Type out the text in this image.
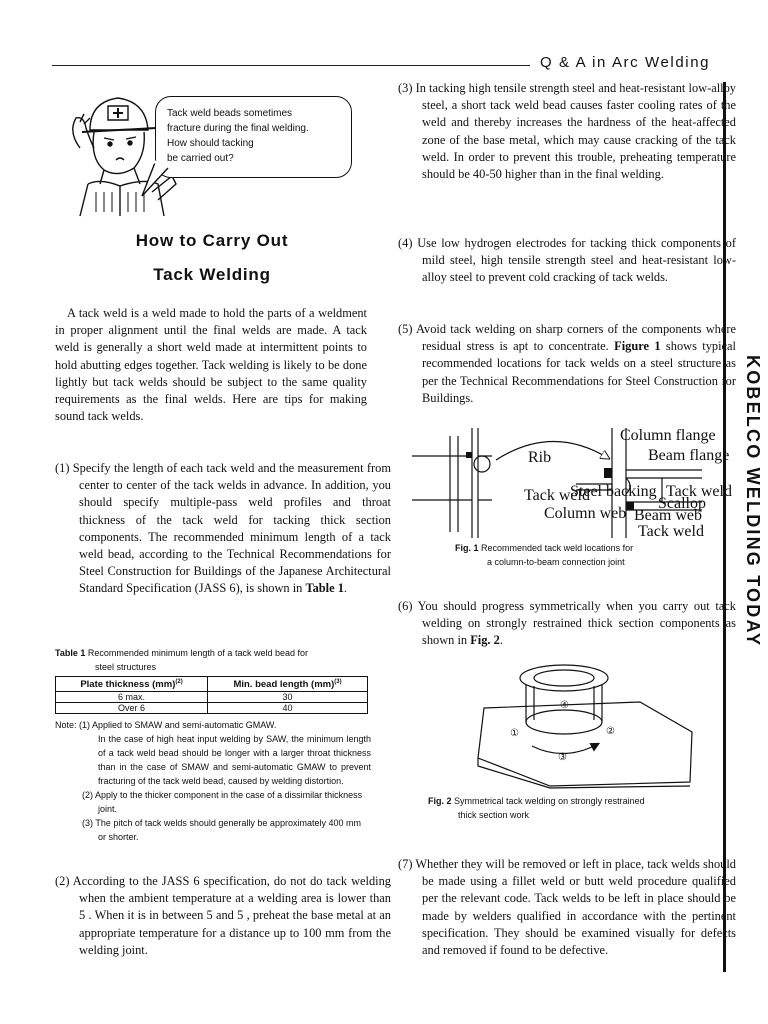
Q & A in Arc Welding
KOBELCO WELDING TODAY
Tack weld beads sometimes
fracture during the final welding.
How should tacking
be carried out?
How to Carry Out
Tack Welding
A tack weld is a weld made to hold the parts of a weldment in proper alignment until the final welds are made. A tack weld is generally a short weld made at intermittent points to hold abutting edges together. Tack welding is likely to be done lightly but tack welds should be subject to the same quality requirements as the final welds. Here are tips for making sound tack welds.
(1) Specify the length of each tack weld and the measurement from center to center of the tack welds in advance. In addition, you should specify multiple-pass weld profiles and throat thickness of the tack weld for tacking thick section components. The recommended minimum length of a tack weld bead, according to the Technical Recommendations for Steel Construction for Buildings of the Japanese Architectural Standard Specification (JASS 6), is shown in Table 1.
Table 1 Recommended minimum length of a tack weld bead for
steel structures
Plate thickness (mm)$^{(2)}$	Min. bead length (mm)$^{(3)}$
6 max.	30
Over 6	40
Note: (1) Applied to SMAW and semi-automatic GMAW.
In the case of high heat input welding by SAW, the minimum length of a tack weld bead should be longer with a larger throat thickness than in the case of SMAW and semi-automatic GMAW to prevent fracturing of the tack weld bead, caused by welding distortion.
(2) Apply to the thicker component in the case of a dissimilar thickness joint.
(3) The pitch of tack welds should generally be approximately 400 mm or shorter.
(2) According to the JASS 6 specification, do not do tack welding when the ambient temperature at a welding area is lower than 5 . When it is in between 5 and 5 , preheat the base metal at an appropriate temperature for a distance up to 100 mm from the welding joint.
(3) In tacking high tensile strength steel and heat-resistant low-alloy steel, a short tack weld bead causes faster cooling rates of the weld and thereby increases the hardness of the heat-affected zone of the base metal, which may cause cracking of the tack weld. In order to prevent this trouble, preheating temperature should be 40-50 higher than in the final welding.
(4) Use low hydrogen electrodes for tacking thick components of mild steel, high tensile strength steel and heat-resistant low-alloy steel to prevent cold cracking of tack welds.
(5) Avoid tack welding on sharp corners of the components where residual stress is apt to concentrate. Figure 1 shows typical recommended locations for tack welds on a steel structure as per the Technical Recommendations for Steel Construction for Buildings.
Column flange
Rib	Beam flange
Tack weld
Steel backing Tack weld
Scallop
Column web Beam web
Tack weld
Fig. 1 Recommended tack weld locations for
a column-to-beam connection joint
(6) You should progress symmetrically when you carry out tack welding on strongly restrained thick section components as shown in Fig. 2.
④
①	②
③
Fig. 2 Symmetrical tack welding on strongly restrained
thick section work
(7) Whether they will be removed or left in place, tack welds should be made using a fillet weld or butt weld procedure qualified per the relevant code. Tack welds to be left in place should be made by welders qualified in accordance with the pertinent specification. They should be examined visually for defects and removed if found to be defective.
